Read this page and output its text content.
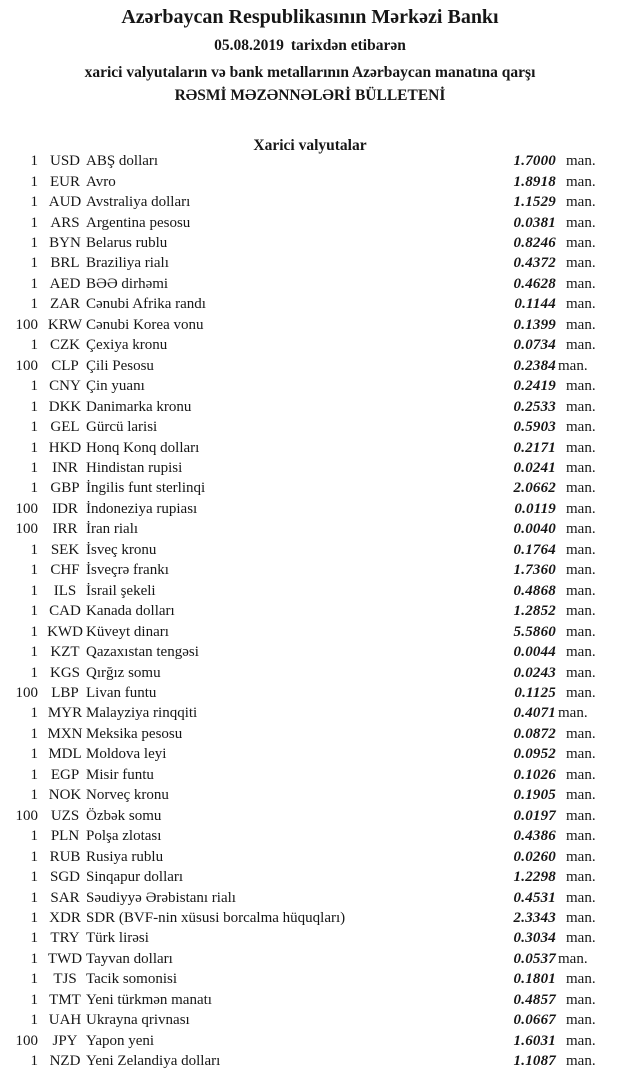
Azərbaycan Respublikasının Mərkəzi Bankı
05.08.2019 tarixdən etibarən
xarici valyutaların və bank metallarının Azərbaycan manatına qarşı
RƏSMİ MƏZƏNNƏLƏRİ BÜLLETENİ
Xarici valyutalar
1 USD ABŞ dolları	1.7000 man.
1 EUR Avro	1.8918 man.
1 AUD Avstraliya dolları	1.1529 man.
1 ARS Argentina pesosu	0.0381 man.
1 BYN Belarus rublu	0.8246 man.
1 BRL Braziliya rialı	0.4372 man.
1 AED BƏƏ dirhəmi	0.4628 man.
1 ZAR Cənubi Afrika randı	0.1144 man.
100 KRW Cənubi Korea vonu	0.1399 man.
1 CZK Çexiya kronu	0.0734 man.
100 CLP Çili Pesosu	0.2384 man.
1 CNY Çin yuanı	0.2419 man.
1 DKK Danimarka kronu	0.2533 man.
1 GEL Gürcü larisi	0.5903 man.
1 HKD Honq Konq dolları	0.2171 man.
1 INR Hindistan rupisi	0.0241 man.
1 GBP İngilis funt sterlinqi	2.0662 man.
100 IDR İndoneziya rupiası	0.0119 man.
100 IRR İran rialı	0.0040 man.
1 SEK İsveç kronu	0.1764 man.
1 CHF İsveçrə frankı	1.7360 man.
1	ILS İsrail şekeli	0.4868 man.
1 CAD Kanada dolları	1.2852 man.
1 KWD Küveyt dinarı	5.5860 man.
1 KZT Qazaxıstan tengəsi	0.0044 man.
1 KGS Qırğız somu	0.0243 man.
100 LBP Livan funtu	0.1125 man.
1 MYR Malayziya rinqqiti	0.4071 man.
1 MXN Meksika pesosu	0.0872 man.
1 MDL Moldova leyi	0.0952 man.
1 EGP Misir funtu	0.1026 man.
1 NOK Norveç kronu	0.1905 man.
100 UZS Özbək somu	0.0197 man.
1 PLN Polşa zlotası	0.4386 man.
1 RUB Rusiya rublu	0.0260 man.
1 SGD Sinqapur dolları	1.2298 man.
1 SAR Səudiyyə Ərəbistanı rialı	0.4531 man.
1 XDR SDR (BVF-nin xüsusi borcalma hüquqları)	2.3343 man.
1 TRY Türk lirəsi	0.3034 man.
1 TWD Tayvan dolları	0.0537 man.
1	TJS Tacik somonisi	0.1801 man.
1 TMT Yeni türkmən manatı	0.4857 man.
1 UAH Ukrayna qrivnası	0.0667 man.
100 JPY Yapon yeni	1.6031 man.
1 NZD Yeni Zelandiya dolları	1.1087 man.
